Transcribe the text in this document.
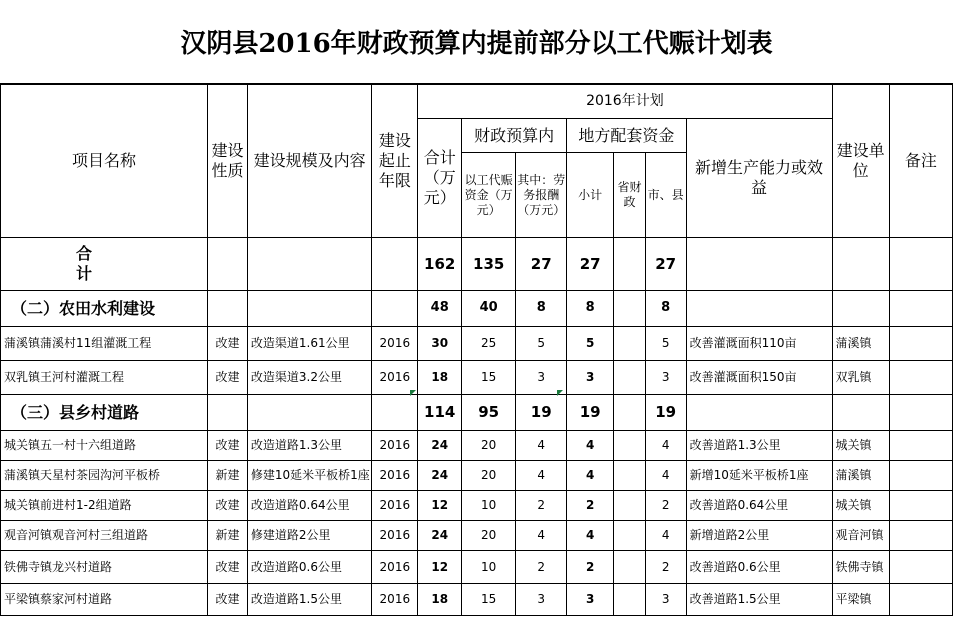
汉阴县2016年财政预算内提前部分以工代赈计划表
项目名称	建设性质	建设规模及内容	建设起止年限	2016年计划							建设单位	备注
				合计（万元）	财政预算内		地方配套资金			新增生产能力或效益		
					以工代赈资金（万元）	其中：劳务报酬（万元）	小计	省财政	市、县			
合　　计				162	135	27	27		27			
（二）农田水利建设				48	40	8	8		8			
蒲溪镇蒲溪村11组灌溉工程	改建	改造渠道1.61公里	2016	30	25	5	5		5	改善灌溉面积110亩	蒲溪镇	
双乳镇王河村灌溉工程	改建	改造渠道3.2公里	2016	18	15	3	3		3	改善灌溉面积150亩	双乳镇	
（三）县乡村道路				114	95	19	19		19			
城关镇五一村十六组道路	改建	改造道路1.3公里	2016	24	20	4	4		4	改善道路1.3公里	城关镇	
蒲溪镇天星村茶园沟河平板桥	新建	修建10延米平板桥1座	2016	24	20	4	4		4	新增10延米平板桥1座	蒲溪镇	
城关镇前进村1-2组道路	改建	改造道路0.64公里	2016	12	10	2	2		2	改善道路0.64公里	城关镇	
观音河镇观音河村三组道路	新建	修建道路2公里	2016	24	20	4	4		4	新增道路2公里	观音河镇	
铁佛寺镇龙兴村道路	改建	改造道路0.6公里	2016	12	10	2	2		2	改善道路0.6公里	铁佛寺镇	
平梁镇蔡家河村道路	改建	改造道路1.5公里	2016	18	15	3	3		3	改善道路1.5公里	平梁镇	
